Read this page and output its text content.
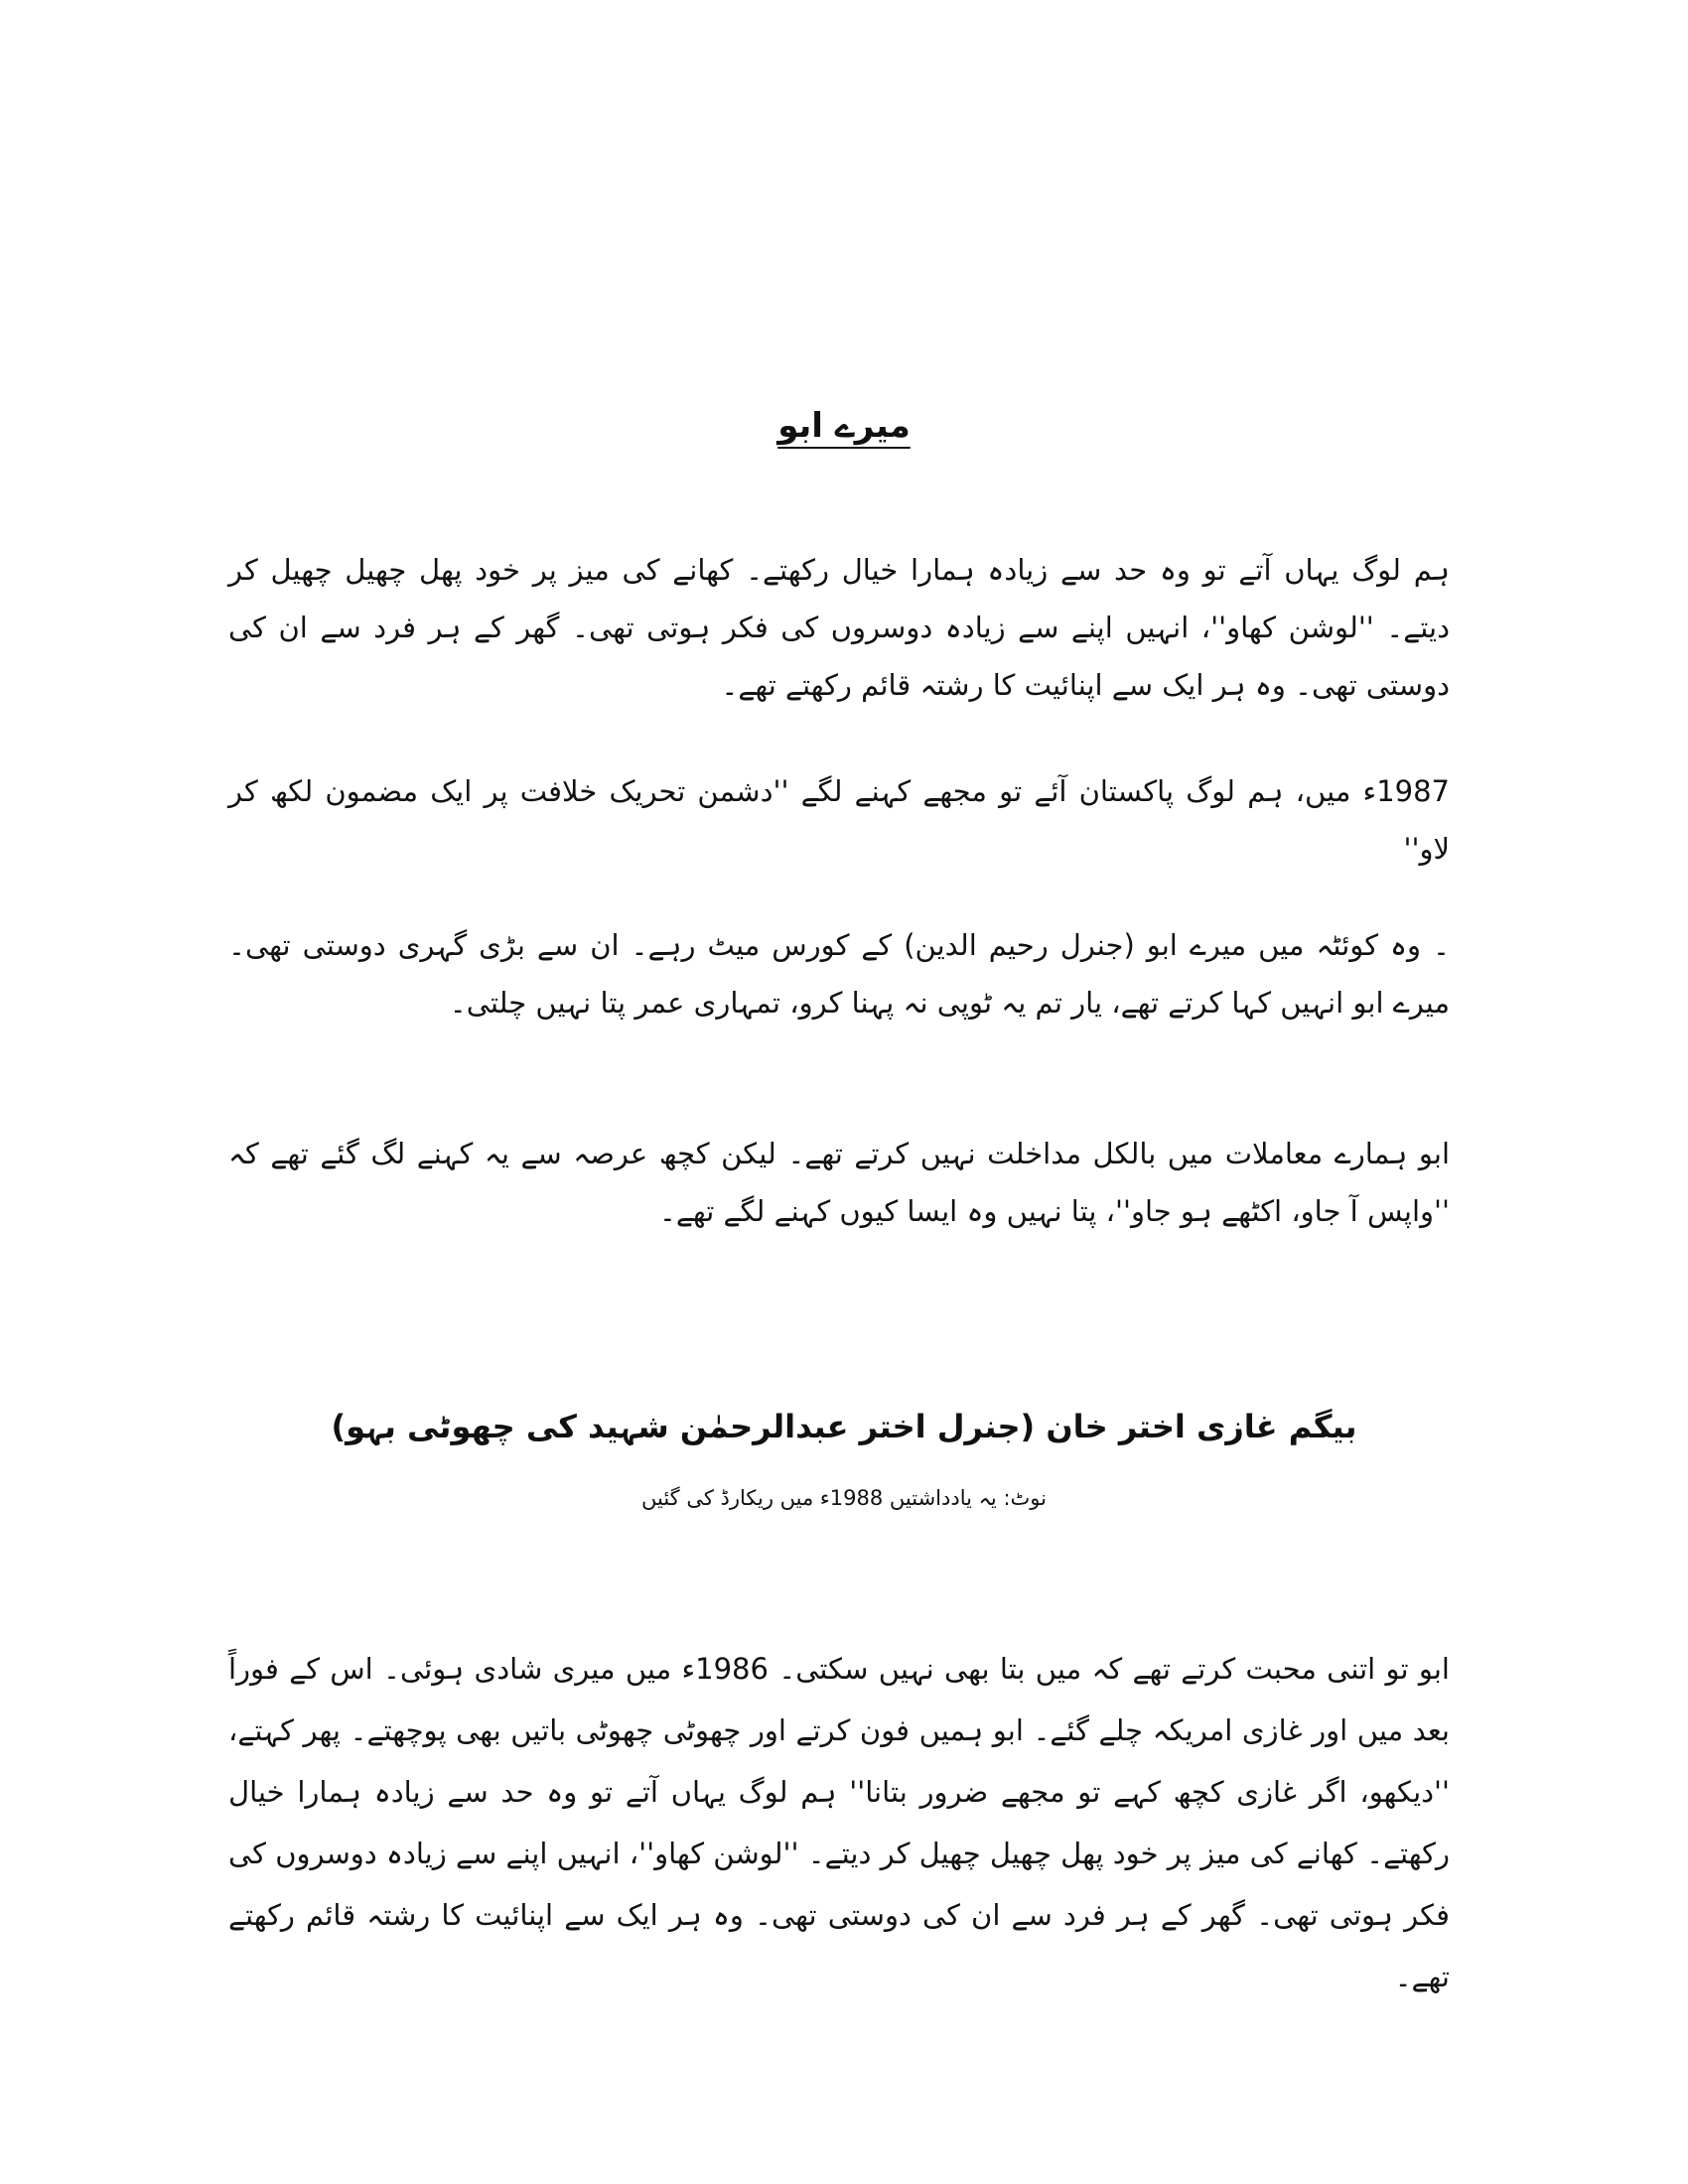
میرے ابو

ہم لوگ یہاں آتے تو وہ حد سے زیادہ ہمارا خیال رکھتے۔ کھانے کی میز پر خود پھل چھیل چھیل کر دیتے۔ ''لوشن کھاو''، انہیں اپنے سے زیادہ دوسروں کی فکر ہوتی تھی۔ گھر کے ہر فرد سے ان کی دوستی تھی۔ وہ ہر ایک سے اپنائیت کا رشتہ قائم رکھتے تھے۔

1987ء میں، ہم لوگ پاکستان آئے تو مجھے کہنے لگے ''دشمن تحریک خلافت پر ایک مضمون لکھ کر لاو''

۔ وہ کوئٹہ میں میرے ابو (جنرل رحیم الدین) کے کورس میٹ رہے۔ ان سے بڑی گہری دوستی تھی۔ میرے ابو انہیں کہا کرتے تھے، یار تم یہ ٹوپی نہ پہنا کرو، تمہاری عمر پتا نہیں چلتی۔

ابو ہمارے معاملات میں بالکل مداخلت نہیں کرتے تھے۔ لیکن کچھ عرصہ سے یہ کہنے لگ گئے تھے کہ ''واپس آ جاو، اکٹھے ہو جاو''، پتا نہیں وہ ایسا کیوں کہنے لگے تھے۔

بیگم غازی اختر خان (جنرل اختر عبدالرحمٰن شہید کی چھوٹی بہو)
نوٹ: یہ یادداشتیں 1988ء میں ریکارڈ کی گئیں

ابو تو اتنی محبت کرتے تھے کہ میں بتا بھی نہیں سکتی۔ 1986ء میں میری شادی ہوئی۔ اس کے فوراً بعد میں اور غازی امریکہ چلے گئے۔ ابو ہمیں فون کرتے اور چھوٹی چھوٹی باتیں بھی پوچھتے۔ پھر کہتے، ''دیکھو، اگر غازی کچھ کہے تو مجھے ضرور بتانا'' ہم لوگ یہاں آتے تو وہ حد سے زیادہ ہمارا خیال رکھتے۔ کھانے کی میز پر خود پھل چھیل چھیل کر دیتے۔ ''لوشن کھاو''، انہیں اپنے سے زیادہ دوسروں کی فکر ہوتی تھی۔ گھر کے ہر فرد سے ان کی دوستی تھی۔ وہ ہر ایک سے اپنائیت کا رشتہ قائم رکھتے تھے۔
